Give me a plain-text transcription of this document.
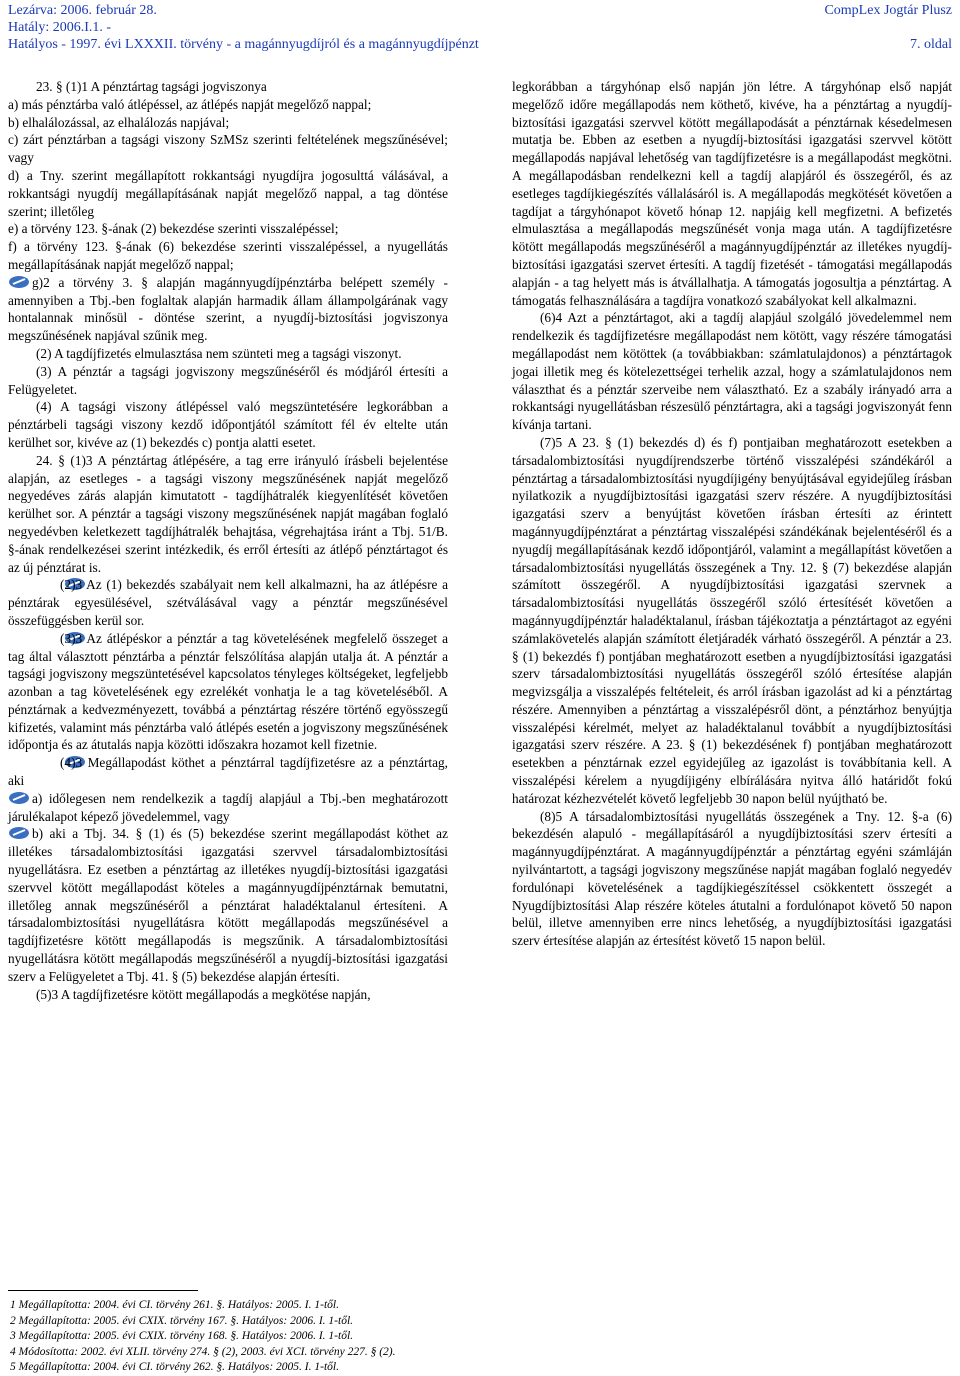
Lezárva: 2006. február 28.	CompLex Jogtár Plusz
Hatály: 2006.I.1. -
Hatályos - 1997. évi LXXXII. törvény - a magánnyugdíjról és a magánnyugdíjpénzt	7. oldal

23. § (1)1 A pénztártag tagsági jogviszonya

a) más pénztárba való átlépéssel, az átlépés napját megelőző nappal;

b) elhalálozással, az elhalálozás napjával;

c) zárt pénztárban a tagsági viszony SzMSz szerinti feltételének megszűnésével; vagy

d) a Tny. szerint megállapított rokkantsági nyugdíjra jogosulttá válásával, a rokkantsági nyugdíj megállapításának napját megelőző nappal, a tag döntése szerint; illetőleg

e) a törvény 123. §-ának (2) bekezdése szerinti visszalépéssel;

f) a törvény 123. §-ának (6) bekezdése szerinti visszalépéssel, a nyugellátás megállapításának napját megelőző nappal;

g)2 a törvény 3. § alapján magánnyugdíjpénztárba belépett személy - amennyiben a Tbj.-ben foglaltak alapján harmadik állam állampolgárának vagy hontalannak minősül - döntése szerint, a nyugdíj-biztosítási jogviszonya megszűnésének napjával szűnik meg.

(2) A tagdíjfizetés elmulasztása nem szünteti meg a tagsági viszonyt.

(3) A pénztár a tagsági jogviszony megszűnéséről és módjáról értesíti a Felügyeletet.

(4) A tagsági viszony átlépéssel való megszüntetésére legkorábban a pénztárbeli tagsági viszony kezdő időpontjától számított fél év eltelte után kerülhet sor, kivéve az (1) bekezdés c) pontja alatti esetet.

24. § (1)3 A pénztártag átlépésére, a tag erre irányuló írásbeli bejelentése alapján, az esetleges - a tagsági viszony megszűnésének napját megelőző negyedéves zárás alapján kimutatott - tagdíjhátralék kiegyenlítését követően kerülhet sor. A pénztár a tagsági viszony megszűnésének napját magában foglaló negyedévben keletkezett tagdíjhátralék behajtása, végrehajtása iránt a Tbj. 51/B. §-ának rendelkezései szerint intézkedik, és erről értesíti az átlépő pénztártagot és az új pénztárat is.

(2)3 Az (1) bekezdés szabályait nem kell alkalmazni, ha az átlépésre a pénztárak egyesülésével, szétválásával vagy a pénztár megszűnésével összefüggésben kerül sor.

(3)3 Az átlépéskor a pénztár a tag követelésének megfelelő összeget a tag által választott pénztárba a pénztár felszólítása alapján utalja át. A pénztár a tagsági jogviszony megszüntetésével kapcsolatos tényleges költségeket, legfeljebb azonban a tag követelésének egy ezrelékét vonhatja le a tag követeléséből. A pénztárnak a kedvezményezett, továbbá a pénztártag részére történő egyösszegű kifizetés, valamint más pénztárba való átlépés esetén a jogviszony megszűnésének időpontja és az átutalás napja közötti időszakra hozamot kell fizetnie.

(4)3 Megállapodást köthet a pénztárral tagdíjfizetésre az a pénztártag, aki

a) időlegesen nem rendelkezik a tagdíj alapjául a Tbj.-ben meghatározott járulékalapot képező jövedelemmel, vagy

b) aki a Tbj. 34. § (1) és (5) bekezdése szerint megállapodást köthet az illetékes társadalombiztosítási igazgatási szervvel társadalombiztosítási nyugellátásra. Ez esetben a pénztártag az illetékes nyugdíj-biztosítási igazgatási szervvel kötött megállapodást köteles a magánnyugdíjpénztárnak bemutatni, illetőleg annak megszűnéséről a pénztárat haladéktalanul értesíteni. A társadalombiztosítási nyugellátásra kötött megállapodás megszűnésével a tagdíjfizetésre kötött megállapodás is megszűnik. A társadalombiztosítási nyugellátásra kötött megállapodás megszűnéséről a nyugdíj-biztosítási igazgatási szerv a Felügyeletet a Tbj. 41. § (5) bekezdése alapján értesíti.

(5)3 A tagdíjfizetésre kötött megállapodás a megkötése napján,

legkorábban a tárgyhónap első napján jön létre. A tárgyhónap első napját megelőző időre megállapodás nem köthető, kivéve, ha a pénztártag a nyugdíj-biztosítási igazgatási szervvel kötött megállapodását a pénztárnak késedelmesen mutatja be. Ebben az esetben a nyugdíj-biztosítási igazgatási szervvel kötött megállapodás napjával lehetőség van tagdíjfizetésre is a megállapodást megkötni. A megállapodásban rendelkezni kell a tagdíj alapjáról és összegéről, és az esetleges tagdíjkiegészítés vállalásáról is. A megállapodás megkötését követően a tagdíjat a tárgyhónapot követő hónap 12. napjáig kell megfizetni. A befizetés elmulasztása a megállapodás megszűnését vonja maga után. A tagdíjfizetésre kötött megállapodás megszűnéséről a magánnyugdíjpénztár az illetékes nyugdíj-biztosítási igazgatási szervet értesíti. A tagdíj fizetését - támogatási megállapodás alapján - a tag helyett más is átvállalhatja. A támogatás jogosultja a pénztártag. A támogatás felhasználására a tagdíjra vonatkozó szabályokat kell alkalmazni.

(6)4 Azt a pénztártagot, aki a tagdíj alapjául szolgáló jövedelemmel nem rendelkezik és tagdíjfizetésre megállapodást nem kötött, vagy részére támogatási megállapodást nem kötöttek (a továbbiakban: számlatulajdonos) a pénztártagok jogai illetik meg és kötelezettségei terhelik azzal, hogy a számlatulajdonos nem választhat és a pénztár szerveibe nem választható. Ez a szabály irányadó arra a rokkantsági nyugellátásban részesülő pénztártagra, aki a tagsági jogviszonyát fenn kívánja tartani.

(7)5 A 23. § (1) bekezdés d) és f) pontjaiban meghatározott esetekben a társadalombiztosítási nyugdíjrendszerbe történő visszalépési szándékáról a pénztártag a társadalombiztosítási nyugdíjigény benyújtásával egyidejűleg írásban nyilatkozik a nyugdíjbiztosítási igazgatási szerv részére. A nyugdíjbiztosítási igazgatási szerv a benyújtást követően írásban értesíti az érintett magánnyugdíjpénztárat a pénztártag visszalépési szándékának bejelentéséről és a nyugdíj megállapításának kezdő időpontjáról, valamint a megállapítást követően a társadalombiztosítási nyugellátás összegének a Tny. 12. § (7) bekezdése alapján számított összegéről. A nyugdíjbiztosítási igazgatási szervnek a társadalombiztosítási nyugellátás összegéről szóló értesítését követően a magánnyugdíjpénztár haladéktalanul, írásban tájékoztatja a pénztártagot az egyéni számlakövetelés alapján számított életjáradék várható összegéről. A pénztár a 23. § (1) bekezdés f) pontjában meghatározott esetben a nyugdíjbiztosítási igazgatási szerv társadalombiztosítási nyugellátás összegéről szóló értesítése alapján megvizsgálja a visszalépés feltételeit, és arról írásban igazolást ad ki a pénztártag részére. Amennyiben a pénztártag a visszalépésről dönt, a pénztárhoz benyújtja visszalépési kérelmét, melyet az haladéktalanul továbbít a nyugdíjbiztosítási igazgatási szerv részére. A 23. § (1) bekezdésének f) pontjában meghatározott esetekben a pénztárnak ezzel egyidejűleg az igazolást is továbbítania kell. A visszalépési kérelem a nyugdíjigény elbírálására nyitva álló határidőt fokú határozat kézhezvételét követő legfeljebb 30 napon belül nyújtható be.

(8)5 A társadalombiztosítási nyugellátás összegének a Tny. 12. §-a (6) bekezdésén alapuló - megállapításáról a nyugdíjbiztosítási szerv értesíti a magánnyugdíjpénztárat. A magánnyugdíjpénztár a pénztártag egyéni számláján nyilvántartott, a tagsági jogviszony megszűnése napját magában foglaló negyedév fordulónapi követelésének a tagdíjkiegészítéssel csökkentett összegét a Nyugdíjbiztosítási Alap részére köteles átutalni a fordulónapot követő 50 napon belül, illetve amennyiben erre nincs lehetőség, a nyugdíjbiztosítási igazgatási szerv értesítése alapján az értesítést követő 15 napon belül.

1 Megállapította: 2004. évi CI. törvény 261. §. Hatályos: 2005. I. 1-től.
2 Megállapította: 2005. évi CXIX. törvény 167. §. Hatályos: 2006. I. 1-től.
3 Megállapította: 2005. évi CXIX. törvény 168. §. Hatályos: 2006. I. 1-től.
4 Módosította: 2002. évi XLII. törvény 274. § (2), 2003. évi XCI. törvény 227. § (2).
5 Megállapította: 2004. évi CI. törvény 262. §. Hatályos: 2005. I. 1-től.
